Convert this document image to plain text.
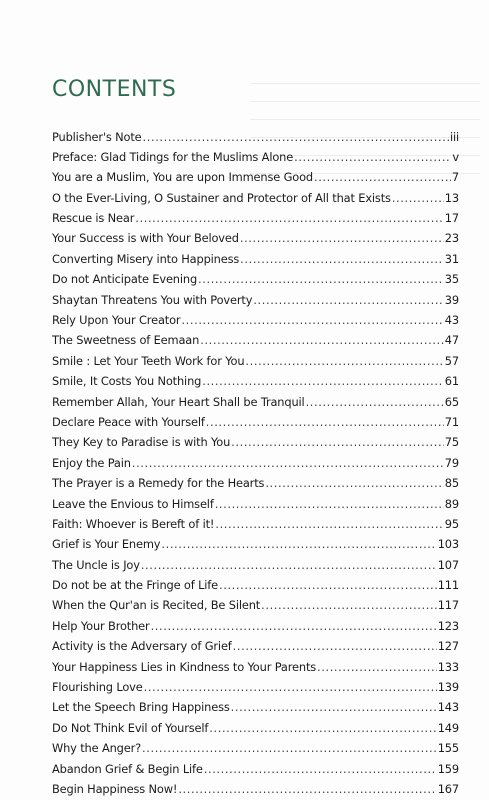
CONTENTS
Publisher's Note .....	iii
Preface: Glad Tidings for the Muslims Alone .....	v
You are a Muslim, You are upon Immense Good .....	7
O the Ever-Living, O Sustainer and Protector of All that Exists .....	13
Rescue is Near .....	17
Your Success is with Your Beloved .....	23
Converting Misery into Happiness .....	31
Do not Anticipate Evening .....	35
Shaytan Threatens You with Poverty .....	39
Rely Upon Your Creator .....	43
The Sweetness of Eemaan .....	47
Smile : Let Your Teeth Work for You .....	57
Smile, It Costs You Nothing .....	61
Remember Allah, Your Heart Shall be Tranquil .....	65
Declare Peace with Yourself .....	71
They Key to Paradise is with You .....	75
Enjoy the Pain .....	79
The Prayer is a Remedy for the Hearts .....	85
Leave the Envious to Himself .....	89
Faith: Whoever is Bereft of it! .....	95
Grief is Your Enemy .....	103
The Uncle is Joy .....	107
Do not be at the Fringe of Life .....	111
When the Qur'an is Recited, Be Silent .....	117
Help Your Brother .....	123
Activity is the Adversary of Grief .....	127
Your Happiness Lies in Kindness to Your Parents .....	133
Flourishing Love .....	139
Let the Speech Bring Happiness .....	143
Do Not Think Evil of Yourself .....	149
Why the Anger? .....	155
Abandon Grief & Begin Life .....	159
Begin Happiness Now! .....	167
